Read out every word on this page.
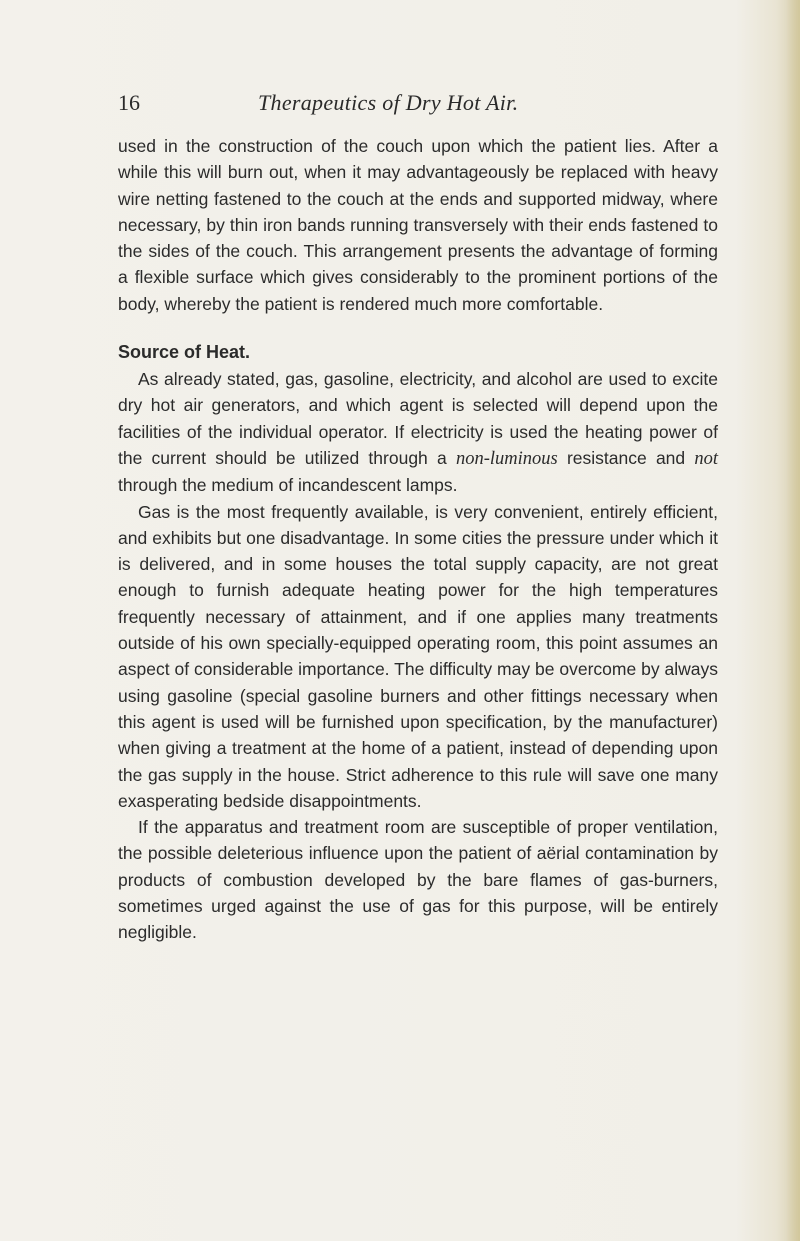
16	Therapeutics of Dry Hot Air.

used in the construction of the couch upon which the patient lies. After a while this will burn out, when it may advantageously be replaced with heavy wire netting fastened to the couch at the ends and supported midway, where necessary, by thin iron bands running transversely with their ends fastened to the sides of the couch. This arrangement presents the advantage of forming a flexible surface which gives considerably to the prominent portions of the body, whereby the patient is rendered much more comfortable.

Source of Heat.

As already stated, gas, gasoline, electricity, and alcohol are used to excite dry hot air generators, and which agent is selected will depend upon the facilities of the individual operator. If electricity is used the heating power of the current should be utilized through a non-luminous resistance and not through the medium of incandescent lamps.

Gas is the most frequently available, is very convenient, entirely efficient, and exhibits but one disadvantage. In some cities the pressure under which it is delivered, and in some houses the total supply capacity, are not great enough to furnish adequate heating power for the high temperatures frequently necessary of attainment, and if one applies many treatments outside of his own specially-equipped operating room, this point assumes an aspect of considerable importance. The difficulty may be overcome by always using gasoline (special gasoline burners and other fittings necessary when this agent is used will be furnished upon specification, by the manufacturer) when giving a treatment at the home of a patient, instead of depending upon the gas supply in the house. Strict adherence to this rule will save one many exasperating bedside disappointments.

If the apparatus and treatment room are susceptible of proper ventilation, the possible deleterious influence upon the patient of aërial contamination by products of combustion developed by the bare flames of gas-burners, sometimes urged against the use of gas for this purpose, will be entirely negligible.
